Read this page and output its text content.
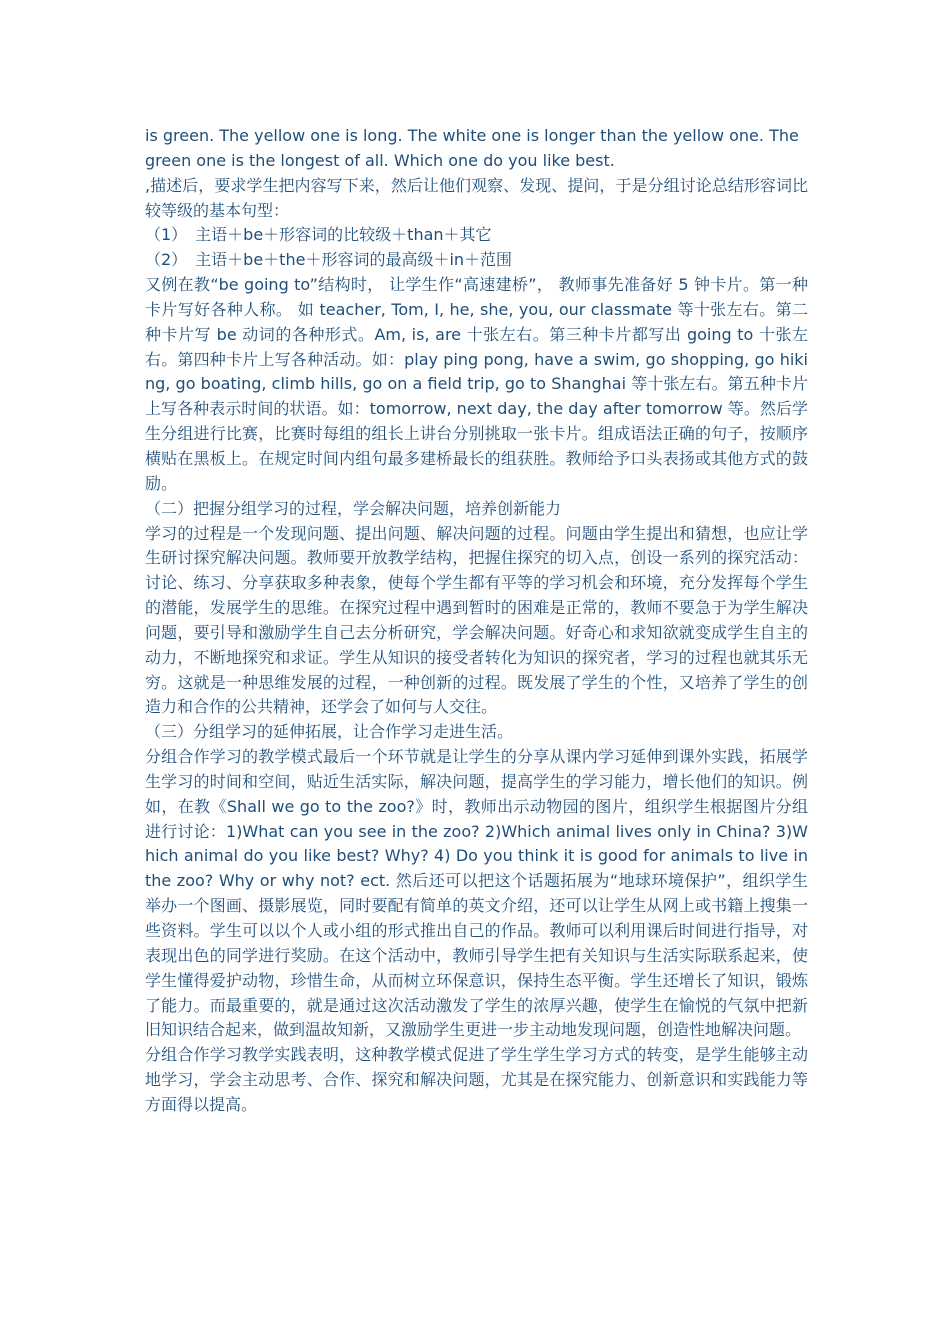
is green. The yellow one is long. The white one is longer than the yellow one. The green one is the longest of all. Which one do you like best.

,描述后，要求学生把内容写下来，然后让他们观察、发现、提问，于是分组讨论总结形容词比较等级的基本句型：

（1）　主语＋be＋形容词的比较级＋than＋其它

（2）　主语＋be＋the＋形容词的最高级＋in＋范围

又例在教“be going to”结构时， 让学生作“高速建桥”， 教师事先准备好 5 钟卡片。第一种卡片写好各种人称。 如 teacher, Tom, I, he, she, you, our classmate 等十张左右。第二种卡片写 be 动词的各种形式。Am, is, are 十张左右。第三种卡片都写出 going to 十张左右。第四种卡片上写各种活动。如：play ping pong, have a swim, go shopping, go hiking, go boating, climb hills, go on a field trip, go to Shanghai 等十张左右。第五种卡片上写各种表示时间的状语。如：tomorrow, next day, the day after tomorrow 等。然后学生分组进行比赛，比赛时每组的组长上讲台分别挑取一张卡片。组成语法正确的句子，按顺序横贴在黑板上。在规定时间内组句最多建桥最长的组获胜。教师给予口头表扬或其他方式的鼓励。

（二）把握分组学习的过程，学会解决问题，培养创新能力

学习的过程是一个发现问题、提出问题、解决问题的过程。问题由学生提出和猜想，也应让学生研讨探究解决问题。教师要开放教学结构，把握住探究的切入点，创设一系列的探究活动：讨论、练习、分享获取多种表象，使每个学生都有平等的学习机会和环境，充分发挥每个学生的潜能，发展学生的思维。在探究过程中遇到暂时的困难是正常的，教师不要急于为学生解决问题，要引导和激励学生自己去分析研究，学会解决问题。好奇心和求知欲就变成学生自主的动力，不断地探究和求证。学生从知识的接受者转化为知识的探究者，学习的过程也就其乐无穷。这就是一种思维发展的过程，一种创新的过程。既发展了学生的个性，又培养了学生的创造力和合作的公共精神，还学会了如何与人交往。

（三）分组学习的延伸拓展，让合作学习走进生活。

分组合作学习的教学模式最后一个环节就是让学生的分享从课内学习延伸到课外实践，拓展学生学习的时间和空间，贴近生活实际，解决问题，提高学生的学习能力，增长他们的知识。例如，在教《Shall we go to the zoo?》时，教师出示动物园的图片，组织学生根据图片分组进行讨论：1)What can you see in the zoo? 2)Which animal lives only in China? 3)Which animal do you like best? Why? 4) Do you think it is good for animals to live in the zoo? Why or why not? ect. 然后还可以把这个话题拓展为“地球环境保护”，组织学生举办一个图画、摄影展览，同时要配有简单的英文介绍，还可以让学生从网上或书籍上搜集一些资料。学生可以以个人或小组的形式推出自己的作品。教师可以利用课后时间进行指导，对表现出色的同学进行奖励。在这个活动中，教师引导学生把有关知识与生活实际联系起来，使学生懂得爱护动物，珍惜生命，从而树立环保意识，保持生态平衡。学生还增长了知识，锻炼了能力。而最重要的，就是通过这次活动激发了学生的浓厚兴趣，使学生在愉悦的气氛中把新旧知识结合起来，做到温故知新，又激励学生更进一步主动地发现问题，创造性地解决问题。

分组合作学习教学实践表明，这种教学模式促进了学生学生学习方式的转变，是学生能够主动地学习，学会主动思考、合作、探究和解决问题，尤其是在探究能力、创新意识和实践能力等方面得以提高。
